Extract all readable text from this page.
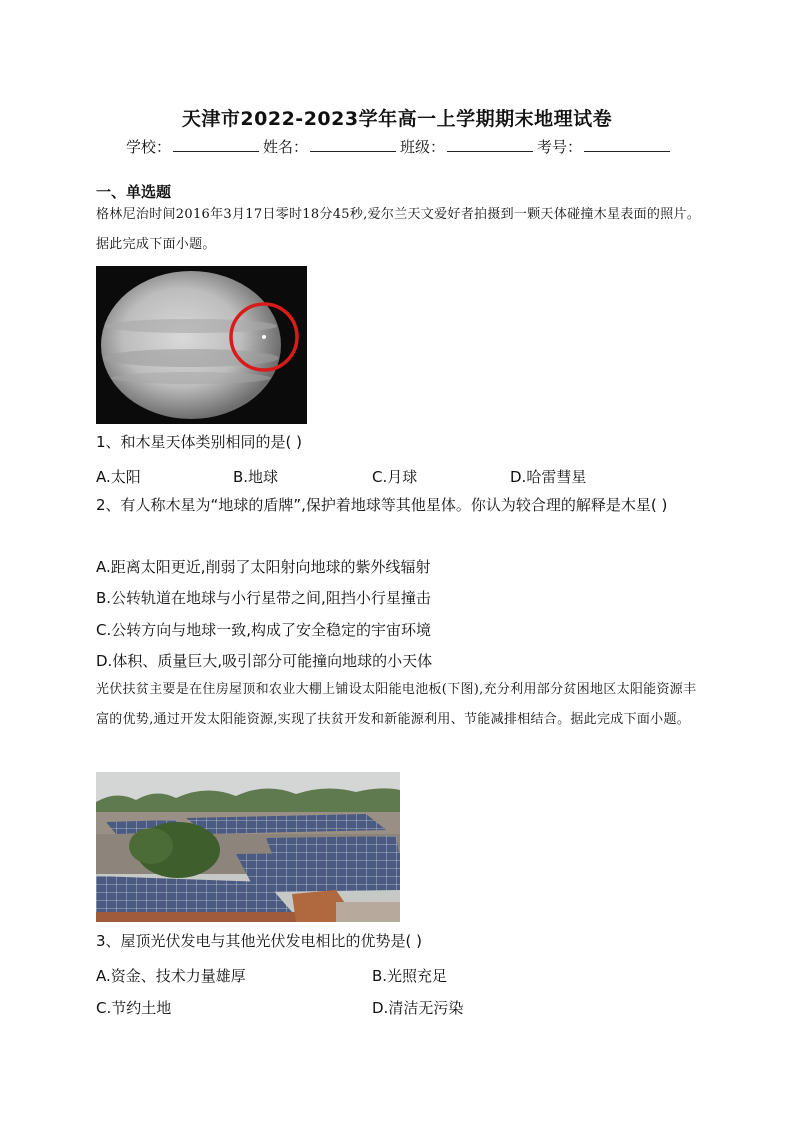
天津市2022-2023学年高一上学期期末地理试卷
学校：	姓名：	班级：	考号：
一、单选题
格林尼治时间2016年3月17日零时18分45秒,爱尔兰天文爱好者拍摄到一颗天体碰撞木星表面的照片。据此完成下面小题。
1、和木星天体类别相同的是( )
A.太阳	B.地球	C.月球	D.哈雷彗星
2、有人称木星为“地球的盾牌”,保护着地球等其他星体。你认为较合理的解释是木星( )
A.距离太阳更近,削弱了太阳射向地球的紫外线辐射
B.公转轨道在地球与小行星带之间,阻挡小行星撞击
C.公转方向与地球一致,构成了安全稳定的宇宙环境
D.体积、质量巨大,吸引部分可能撞向地球的小天体
光伏扶贫主要是在住房屋顶和农业大棚上铺设太阳能电池板(下图),充分利用部分贫困地区太阳能资源丰富的优势,通过开发太阳能资源,实现了扶贫开发和新能源利用、节能减排相结合。据此完成下面小题。
3、屋顶光伏发电与其他光伏发电相比的优势是( )
A.资金、技术力量雄厚	B.光照充足
C.节约土地	D.清洁无污染
